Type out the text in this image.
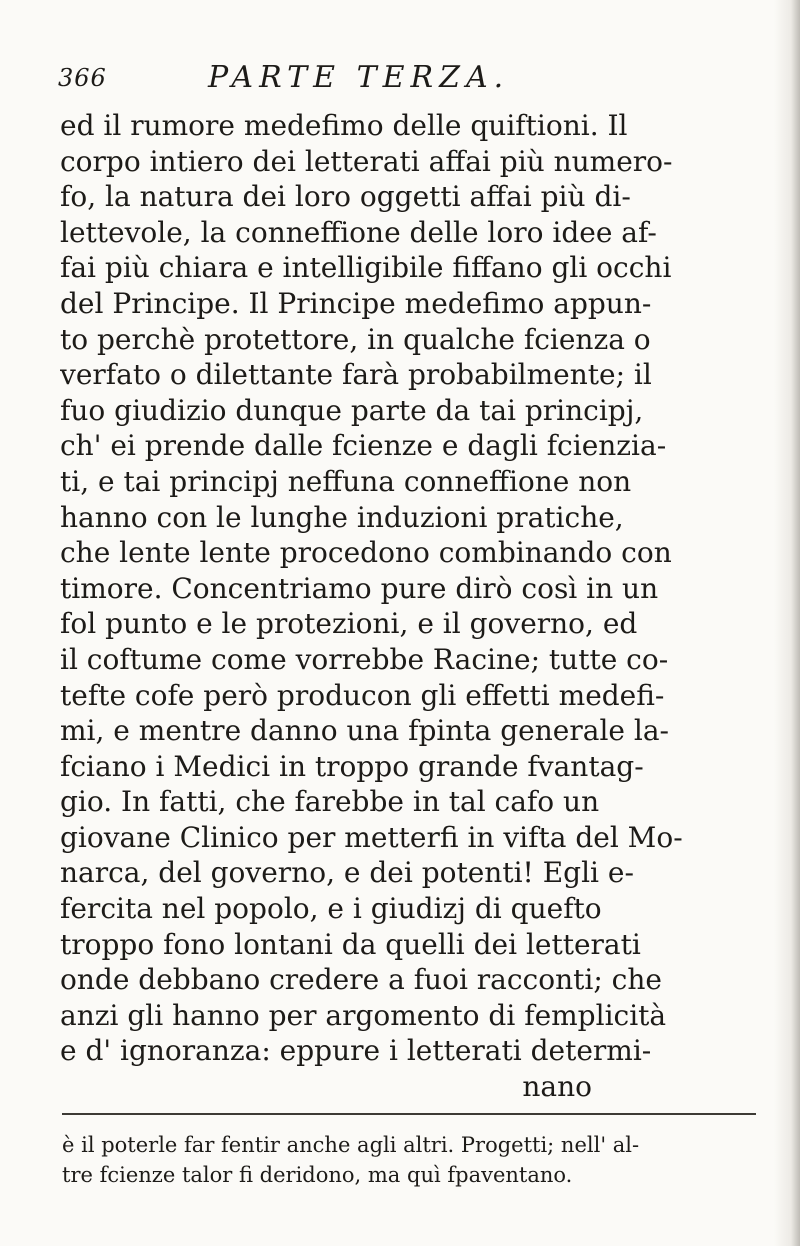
366	PARTE TERZA.
ed il rumore medefimo delle quiftioni. Il
corpo intiero dei letterati affai più numero-
fo, la natura dei loro oggetti affai più di-
lettevole, la conneffione delle loro idee af-
fai più chiara e intelligibile fiffano gli occhi
del Principe. Il Principe medefimo appun-
to perchè protettore, in qualche fcienza o
verfato o dilettante farà probabilmente; il
fuo giudizio dunque parte da tai principj,
ch' ei prende dalle fcienze e dagli fcienzia-
ti, e tai principj neffuna conneffione non
hanno con le lunghe induzioni pratiche,
che lente lente procedono combinando con
timore. Concentriamo pure dirò così in un
fol punto e le protezioni, e il governo, ed
il coftume come vorrebbe Racine; tutte co-
tefte cofe però producon gli effetti medefi-
mi, e mentre danno una fpinta generale la-
fciano i Medici in troppo grande fvantag-
gio. In fatti, che farebbe in tal cafo un
giovane Clinico per metterfi in vifta del Mo-
narca, del governo, e dei potenti! Egli e-
fercita nel popolo, e i giudizj di quefto
troppo fono lontani da quelli dei letterati
onde debbano credere a fuoi racconti; che
anzi gli hanno per argomento di femplicità
e d' ignoranza: eppure i letterati determi-
nano
è il poterle far fentir anche agli altri. Progetti; nell' al-
tre fcienze talor fi deridono, ma quì fpaventano.
